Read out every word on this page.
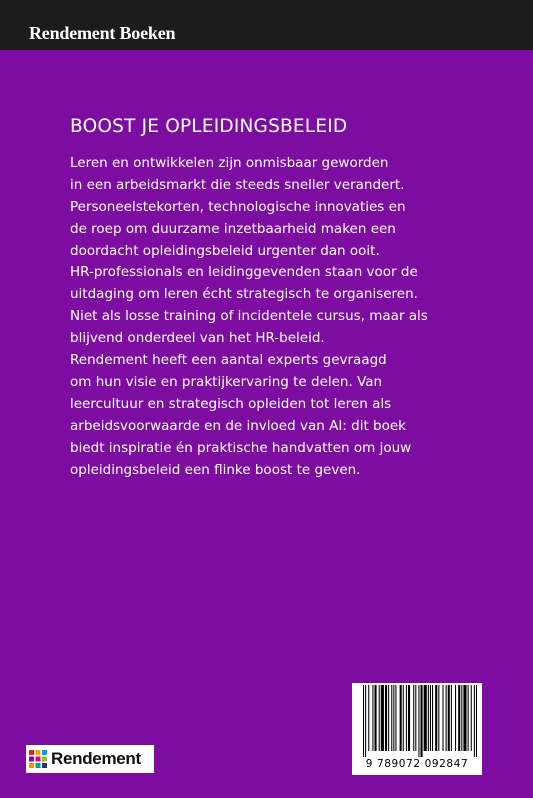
Rendement Boeken
BOOST JE OPLEIDINGSBELEID

Leren en ontwikkelen zijn onmisbaar geworden
in een arbeidsmarkt die steeds sneller verandert.
Personeelstekorten, technologische innovaties en
de roep om duurzame inzetbaarheid maken een
doordacht opleidingsbeleid urgenter dan ooit.

HR-professionals en leidinggevenden staan voor de
uitdaging om leren écht strategisch te organiseren.
Niet als losse training of incidentele cursus, maar als
blijvend onderdeel van het HR-beleid.

Rendement heeft een aantal experts gevraagd
om hun visie en praktijkervaring te delen. Van
leercultuur en strategisch opleiden tot leren als
arbeidsvoorwaarde en de invloed van AI: dit boek
biedt inspiratie én praktische handvatten om jouw
opleidingsbeleid een flinke boost te geven.

Rendement	9 789072 092847
